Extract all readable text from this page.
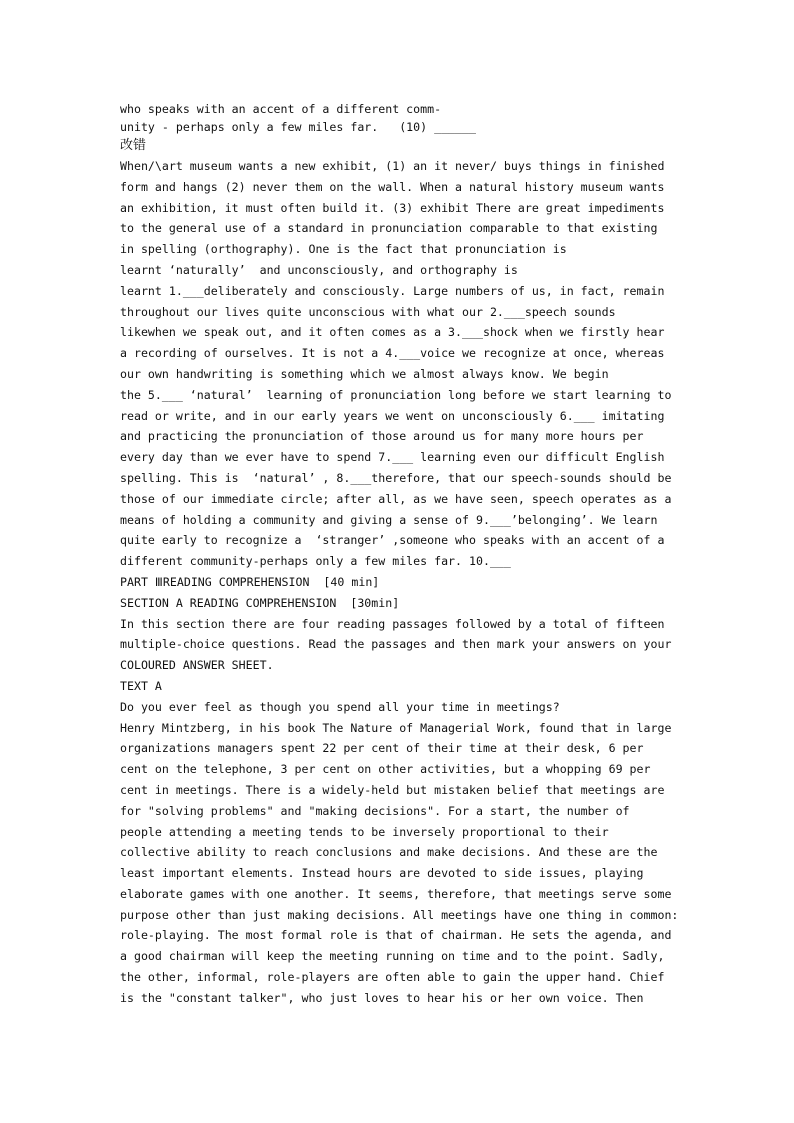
who speaks with an accent of a different comm-
unity - perhaps only a few miles far.   (10) ______
改错
When/\art museum wants a new exhibit, (1) an it never/ buys things in finished
form and hangs (2) never them on the wall. When a natural history museum wants
an exhibition, it must often build it. (3) exhibit There are great impediments
to the general use of a standard in pronunciation comparable to that existing
in spelling (orthography). One is the fact that pronunciation is
learnt ‘naturally’  and unconsciously, and orthography is
learnt 1.___deliberately and consciously. Large numbers of us, in fact, remain
throughout our lives quite unconscious with what our 2.___speech sounds
likewhen we speak out, and it often comes as a 3.___shock when we firstly hear
a recording of ourselves. It is not a 4.___voice we recognize at once, whereas
our own handwriting is something which we almost always know. We begin
the 5.___ ‘natural’  learning of pronunciation long before we start learning to
read or write, and in our early years we went on unconsciously 6.___ imitating
and practicing the pronunciation of those around us for many more hours per
every day than we ever have to spend 7.___ learning even our difficult English
spelling. This is  ‘natural’ , 8.___therefore, that our speech-sounds should be
those of our immediate circle; after all, as we have seen, speech operates as a
means of holding a community and giving a sense of 9.___’belonging’. We learn
quite early to recognize a  ‘stranger’ ,someone who speaks with an accent of a
different community-perhaps only a few miles far. 10.___
PART ⅢREADING COMPREHENSION  [40 min]
SECTION A READING COMPREHENSION  [30min]
In this section there are four reading passages followed by a total of fifteen
multiple-choice questions. Read the passages and then mark your answers on your
COLOURED ANSWER SHEET.
TEXT A
Do you ever feel as though you spend all your time in meetings?
Henry Mintzberg, in his book The Nature of Managerial Work, found that in large
organizations managers spent 22 per cent of their time at their desk, 6 per
cent on the telephone, 3 per cent on other activities, but a whopping 69 per
cent in meetings. There is a widely-held but mistaken belief that meetings are
for "solving problems" and "making decisions". For a start, the number of
people attending a meeting tends to be inversely proportional to their
collective ability to reach conclusions and make decisions. And these are the
least important elements. Instead hours are devoted to side issues, playing
elaborate games with one another. It seems, therefore, that meetings serve some
purpose other than just making decisions. All meetings have one thing in common:
role-playing. The most formal role is that of chairman. He sets the agenda, and
a good chairman will keep the meeting running on time and to the point. Sadly,
the other, informal, role-players are often able to gain the upper hand. Chief
is the "constant talker", who just loves to hear his or her own voice. Then
